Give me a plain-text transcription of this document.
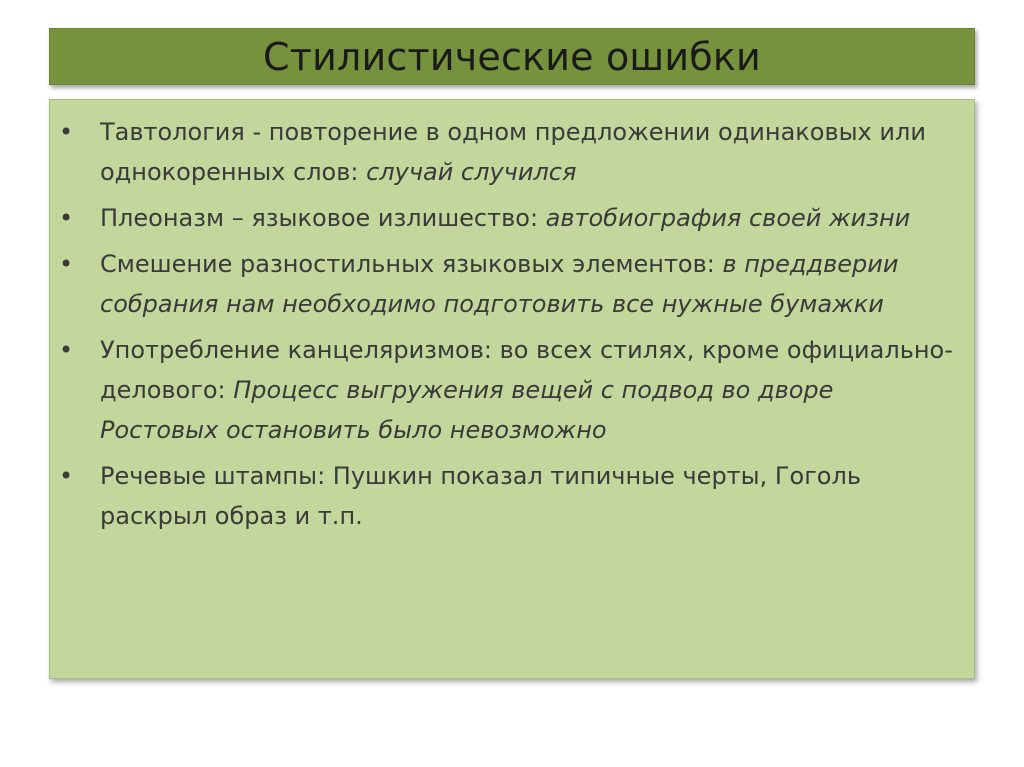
Стилистические ошибки
• Тавтология - повторение в одном предложении одинаковых или однокоренных слов: случай случился
• Плеоназм – языковое излишество: автобиография своей жизни
• Смешение разностильных языковых элементов: в преддверии собрания нам необходимо подготовить все нужные бумажки
• Употребление канцеляризмов: во всех стилях, кроме официально-делового: Процесс выгружения вещей с подвод во дворе Ростовых остановить было невозможно
• Речевые штампы: Пушкин показал типичные черты, Гоголь раскрыл образ и т.п.
